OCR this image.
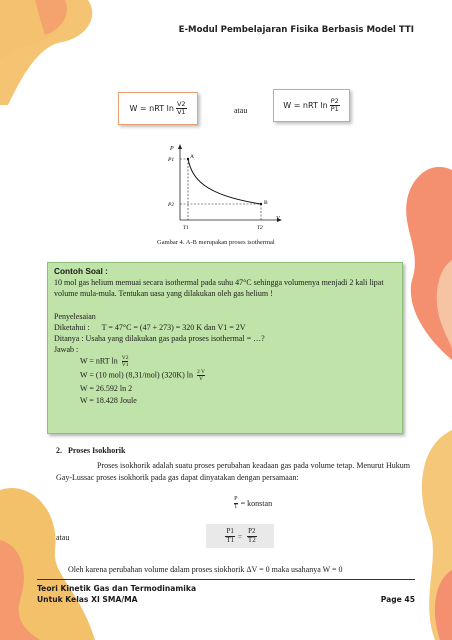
E-Modul Pembelajaran Fisika Berbasis Model TTI
W = nRT $\ln \frac{V2}{V1}$	atau
W = nRT $\ln \frac{P2}{P1}$
P
V
P1
P2
T1	T2
A
B
Gambar 4. A-B merupakan proses isothermal

Contoh Soal :

10 mol gas helium memuai secara isothermal pada suhu 47°C sehingga volumenya menjadi 2 kali lipat volume mula-mula. Tentukan uasa yang dilakukan oleh gas helium !

Penyelesaian

Diketahui :      T = 47°C = (47 + 273) = 320 K dan V1 = 2V

Ditanya : Usaha yang dilakukan gas pada proses isothermal = …?

Jawab :

W = nRT $\ln \frac{V2}{V1}$

W = (10 mol) (8,31/mol) (320K) $\ln \frac{2 V}{V}$

W = 26.592 ln 2

W = 18.428 Joule

2.   Proses Isokhorik
Proses isokhorik adalah suatu proses perubahan keadaan gas pada volume tetap. Menurut Hukum Gay-Lussac proses isokhorik pada gas dapat dinyatakan dengan persamaan:
$\frac{P}{T}$ = konstan
atau	$\frac{P1}{T1} = \frac{P2}{T2}$
Oleh karena perubahan volume dalam proses siokhorik ΔV = 0 maka usahanya W = 0
Teori Kinetik Gas dan Termodinamika
Untuk Kelas XI SMA/MA	Page 45
